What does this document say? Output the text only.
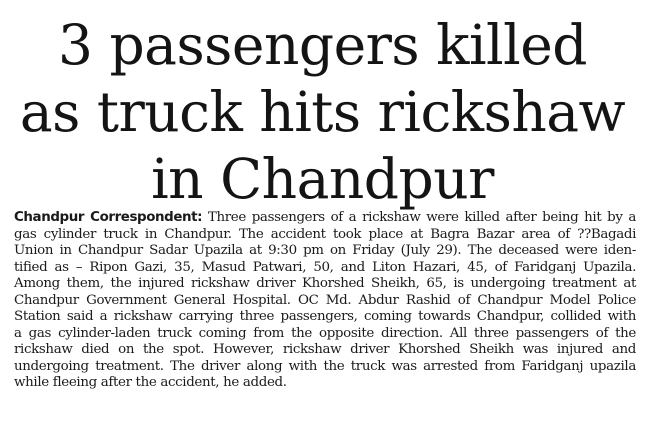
3 passengers killed
as truck hits rickshaw
in Chandpur
Chandpur Correspondent: Three passengers of a rickshaw were killed after being hit by a
gas cylinder truck in Chandpur. The accident took place at Bagra Bazar area of ??Bagadi
Union in Chandpur Sadar Upazila at 9:30 pm on Friday (July 29). The deceased were iden-
tified as – Ripon Gazi, 35, Masud Patwari, 50, and Liton Hazari, 45, of Faridganj Upazila.
Among them, the injured rickshaw driver Khorshed Sheikh, 65, is undergoing treatment at
Chandpur Government General Hospital. OC Md. Abdur Rashid of Chandpur Model Police
Station said a rickshaw carrying three passengers, coming towards Chandpur, collided with
a gas cylinder-laden truck coming from the opposite direction. All three passengers of the
rickshaw died on the spot. However, rickshaw driver Khorshed Sheikh was injured and
undergoing treatment. The driver along with the truck was arrested from Faridganj upazila
while fleeing after the accident, he added.
